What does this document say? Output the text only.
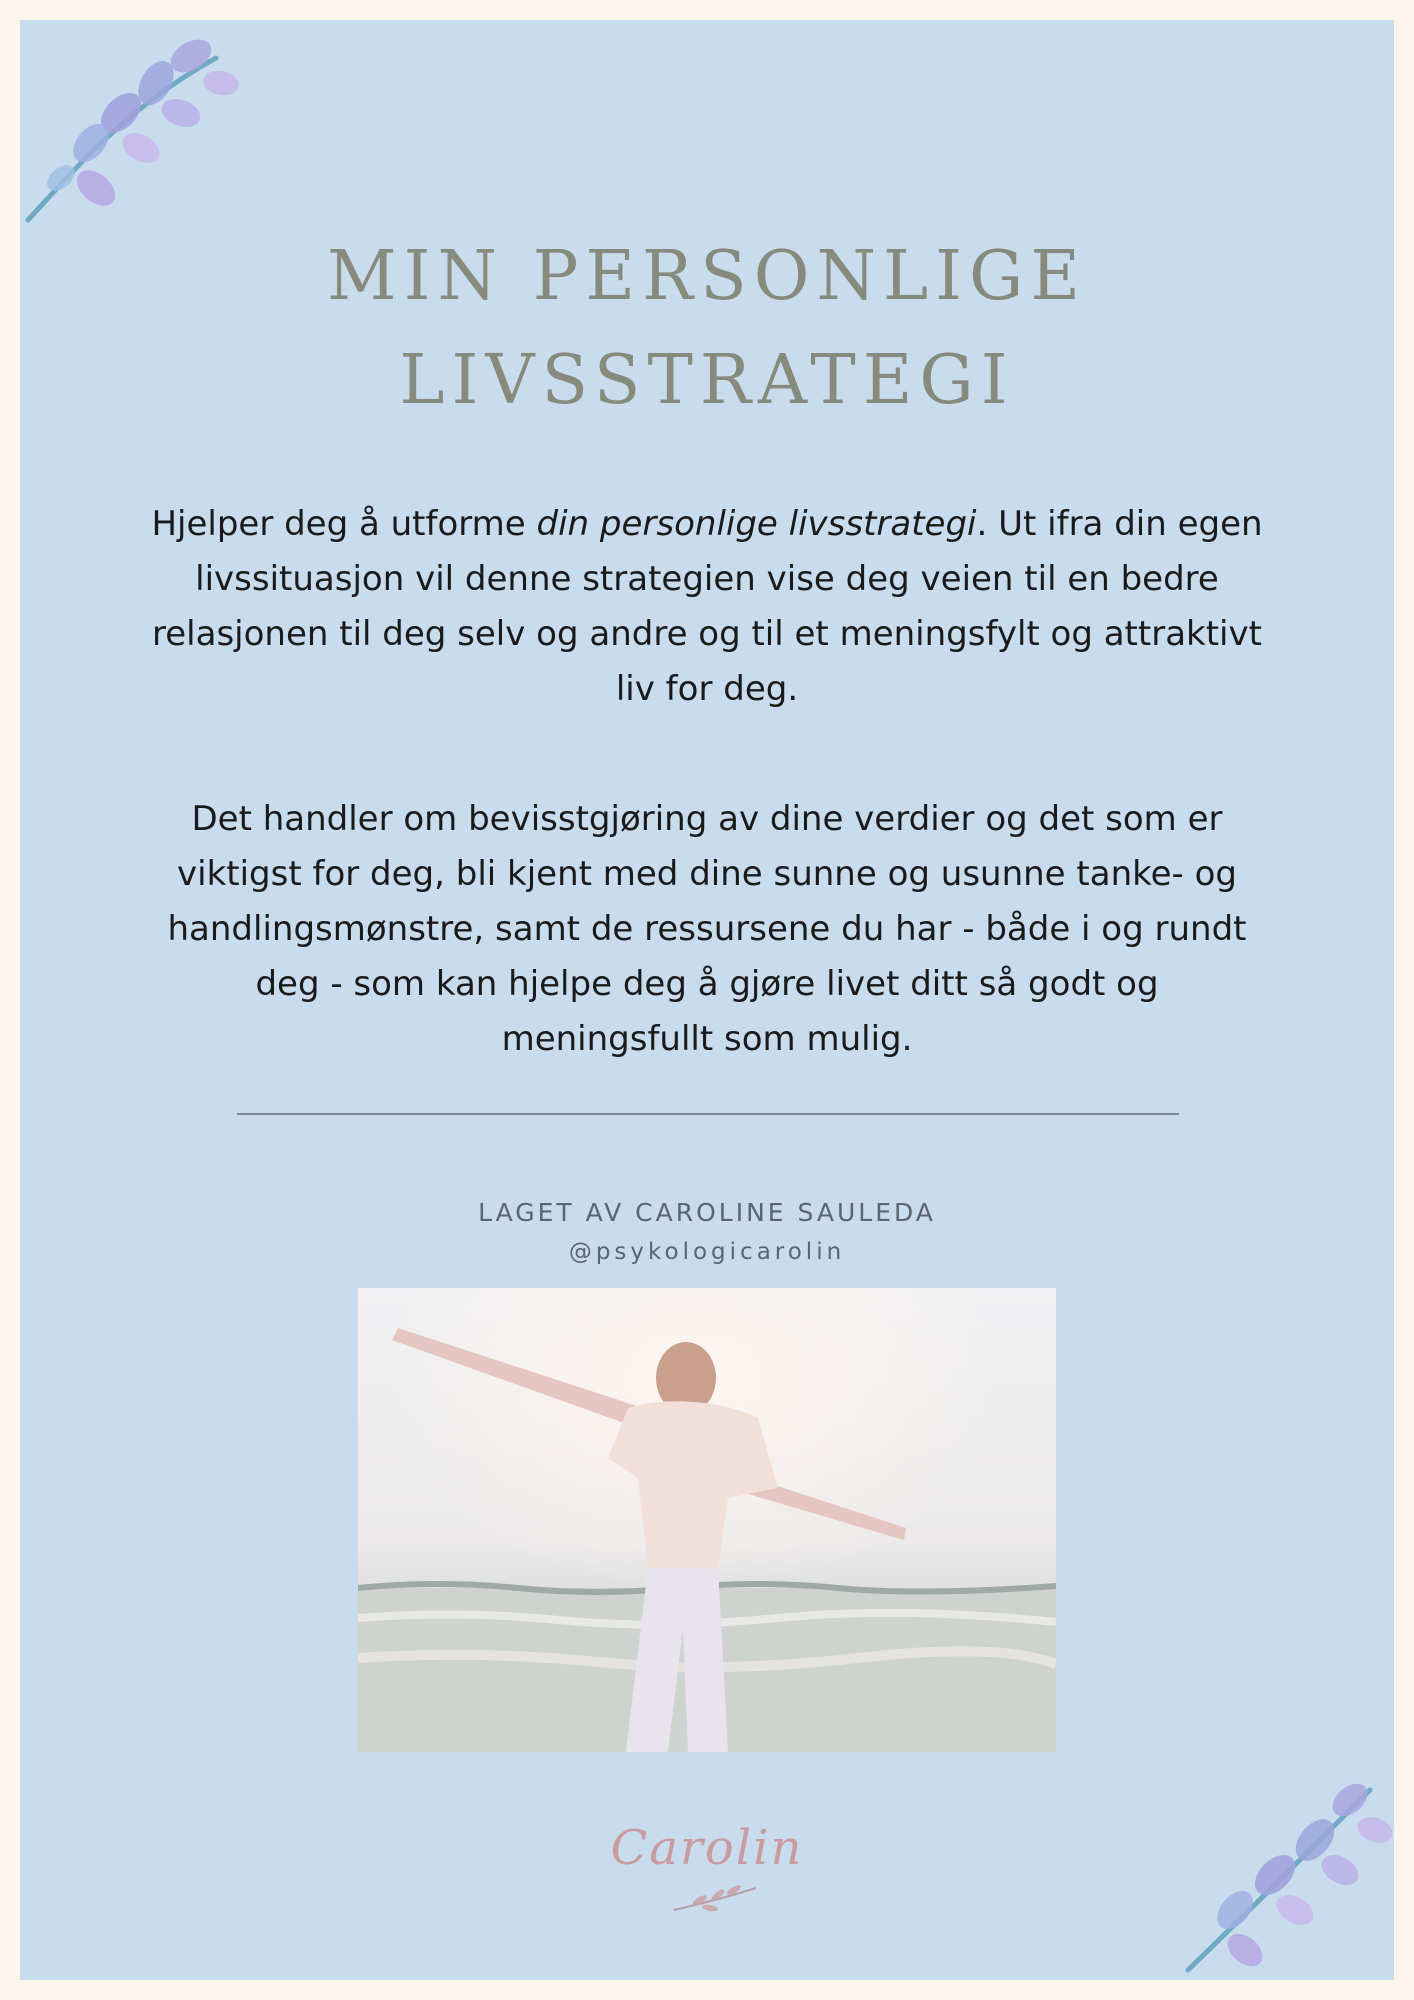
MIN PERSONLIGE
LIVSSTRATEGI
Hjelper deg å utforme din personlige livsstrategi. Ut ifra din egen livssituasjon vil denne strategien vise deg veien til en bedre relasjonen til deg selv og andre og til et meningsfylt og attraktivt liv for deg.
Det handler om bevisstgjøring av dine verdier og det som er viktigst for deg, bli kjent med dine sunne og usunne tanke- og handlingsmønstre, samt de ressursene du har - både i og rundt deg - som kan hjelpe deg å gjøre livet ditt så godt og meningsfullt som mulig.
LAGET AV CAROLINE SAULEDA
@psykologicarolin
Carolin
